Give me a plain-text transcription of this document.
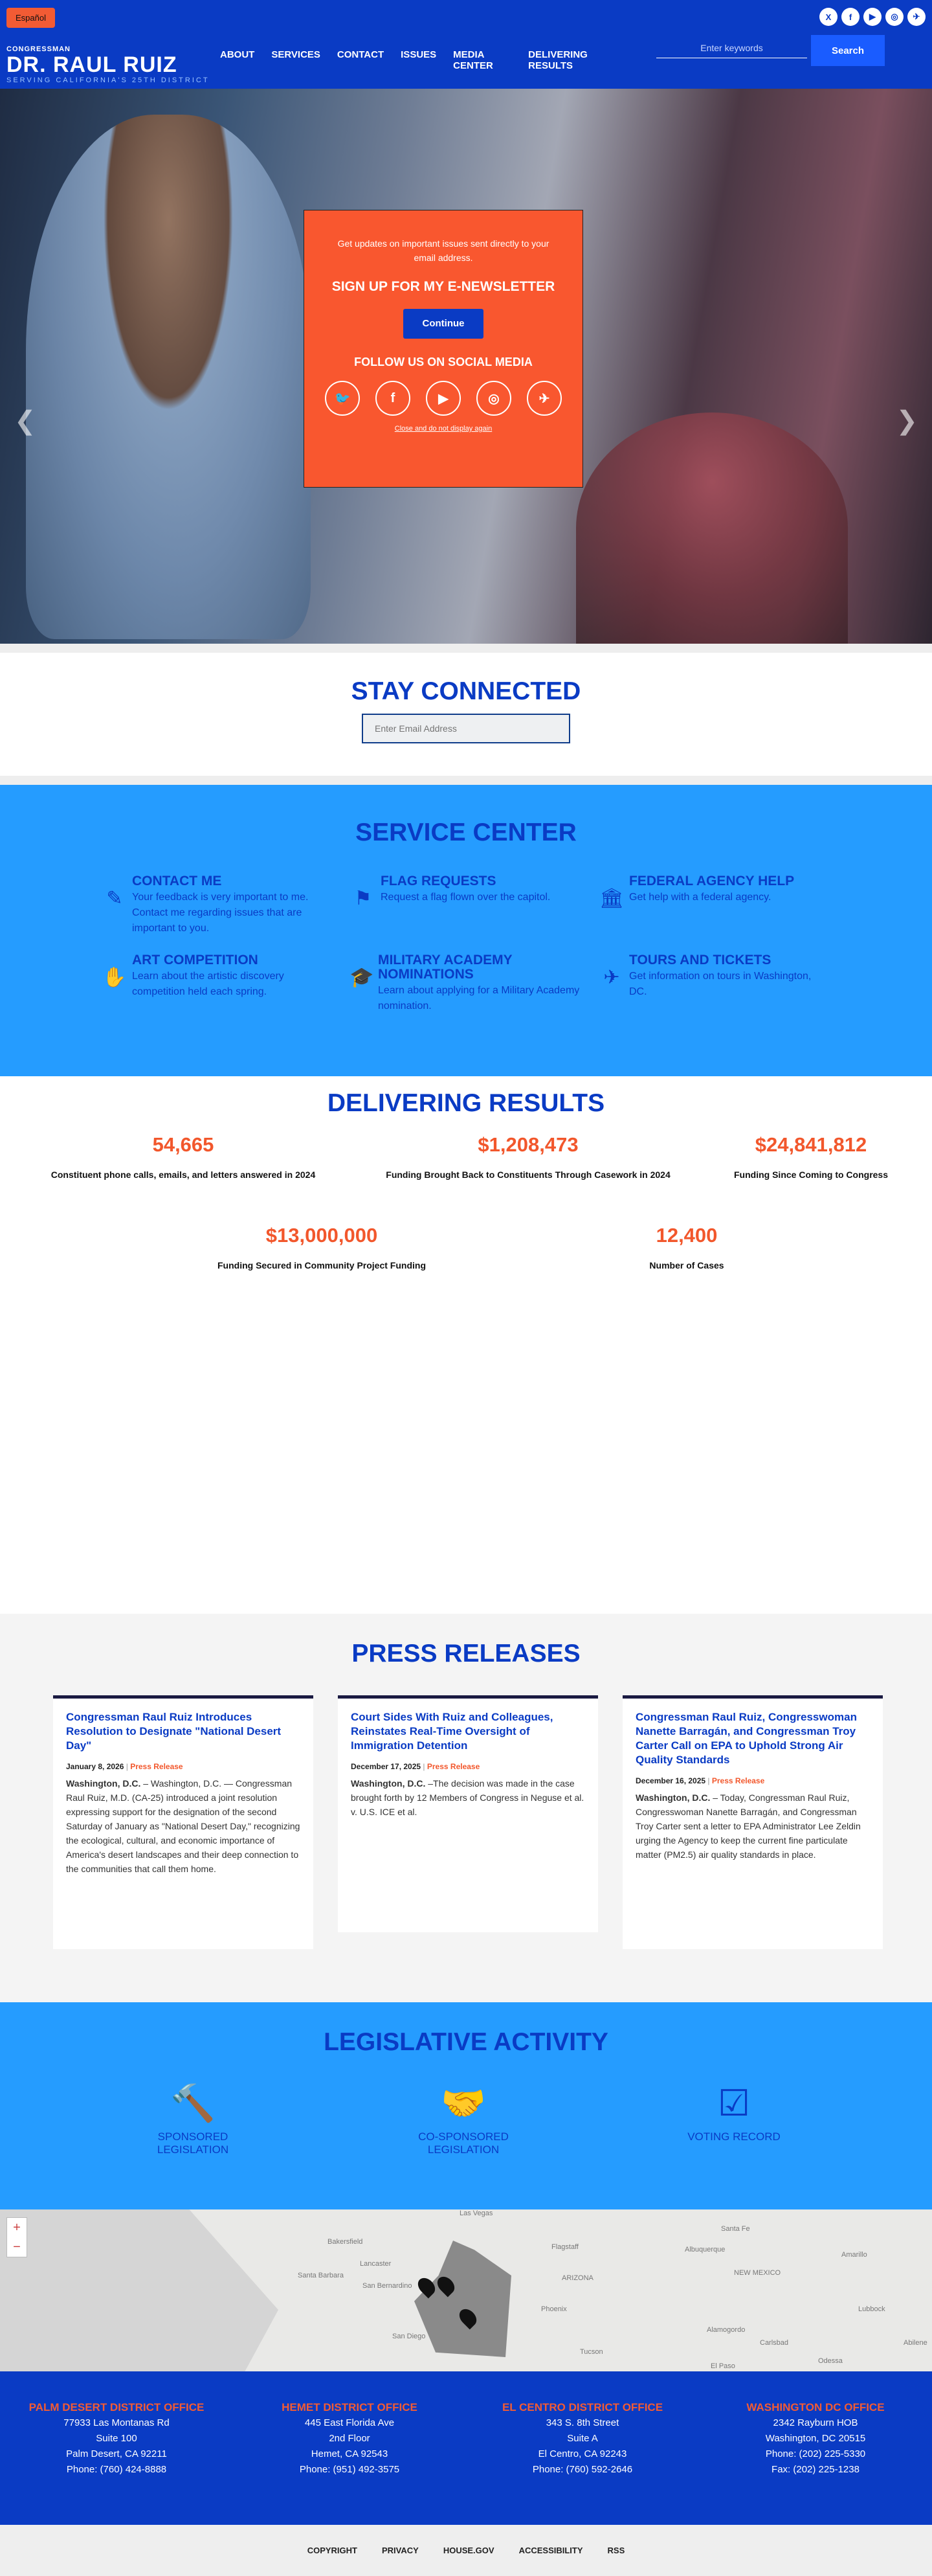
Español
CONGRESSMAN
DR. RAUL RUIZ
SERVING CALIFORNIA'S 25TH DISTRICT
ABOUT SERVICES CONTACT ISSUES MEDIA CENTER
DELIVERING RESULTS
X	f	▶	◎	✈
Enter keywords
Search
❮	❯
Get updates on important issues sent directly to your email address.
SIGN UP FOR MY E-NEWSLETTER
Continue
FOLLOW US ON SOCIAL MEDIA
🐦	f	▶	◎	✈
Close and do not display again
STAY CONNECTED
Enter Email Address
SERVICE CENTER
✎
CONTACT ME
Your feedback is very important to me. Contact me regarding issues that are important to you.
⚑
FLAG REQUESTS
Request a flag flown over the capitol.	🏛
FEDERAL AGENCY HELP
Get help with a federal agency.
✋
ART COMPETITION
Learn about the artistic discovery competition held each spring.
🎓
MILITARY ACADEMY NOMINATIONS
Learn about applying for a Military Academy nomination.
✈
TOURS AND TICKETS
Get information on tours in Washington, DC.
DELIVERING RESULTS
54,665
Constituent phone calls, emails, and letters answered in 2024
$1,208,473
Funding Brought Back to Constituents Through Casework in 2024
$24,841,812
Funding Since Coming to Congress
$13,000,000
Funding Secured in Community Project Funding
12,400
Number of Cases
PRESS RELEASES
Congressman Raul Ruiz Introduces Resolution to Designate "National Desert Day"
January 8, 2026 | Press Release
Washington, D.C. – Washington, D.C. — Congressman Raul Ruiz, M.D. (CA-25) introduced a joint resolution expressing support for the designation of the second Saturday of January as "National Desert Day," recognizing the ecological, cultural, and economic importance of America's desert landscapes and their deep connection to the communities that call them home.
Court Sides With Ruiz and Colleagues, Reinstates Real-Time Oversight of Immigration Detention
December 17, 2025 | Press Release
Washington, D.C. –The decision was made in the case brought forth by 12 Members of Congress in Neguse et al. v. U.S. ICE et al.
Congressman Raul Ruiz, Congresswoman Nanette Barragán, and Congressman Troy Carter Call on EPA to Uphold Strong Air Quality Standards
December 16, 2025 | Press Release
Washington, D.C. – Today, Congressman Raul Ruiz, Congresswoman Nanette Barragán, and Congressman Troy Carter sent a letter to EPA Administrator Lee Zeldin urging the Agency to keep the current fine particulate matter (PM2.5) air quality standards in place.
LEGISLATIVE ACTIVITY
🔨
SPONSORED LEGISLATION
🤝
CO-SPONSORED LEGISLATION
☑
VOTING RECORD
+
−
Las Vegas
Bakersfield
Lancaster
Flagstaff
Santa Fe
Albuquerque
Amarillo
Santa Barbara
San Bernardino
ARIZONA
NEW MEXICO
Phoenix	Lubbock
San Diego
Tucson
Alamogordo
Carlsbad
El Paso
Odessa
Abilene
PALM DESERT DISTRICT OFFICE
77933 Las Montanas Rd
Suite 100
Palm Desert, CA 92211
Phone: (760) 424-8888
HEMET DISTRICT OFFICE
445 East Florida Ave
2nd Floor
Hemet, CA 92543
Phone: (951) 492-3575
EL CENTRO DISTRICT OFFICE
343 S. 8th Street
Suite A
El Centro, CA 92243
Phone: (760) 592-2646
WASHINGTON DC OFFICE
2342 Rayburn HOB
Washington, DC 20515
Phone: (202) 225-5330
Fax: (202) 225-1238
COPYRIGHT	PRIVACY	HOUSE.GOV	ACCESSIBILITY	RSS
